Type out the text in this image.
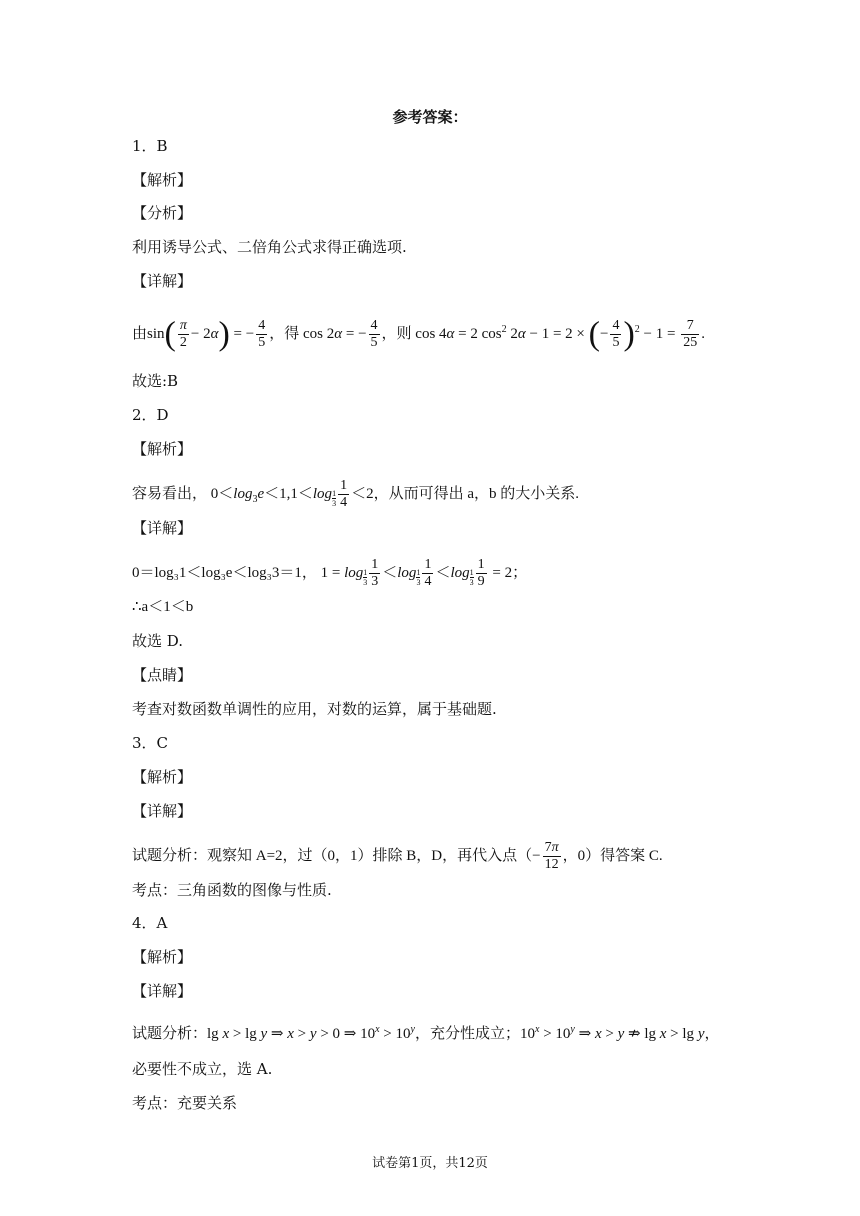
参考答案：
1．B
【解析】
【分析】
利用诱导公式、二倍角公式求得正确选项.
【详解】
由$\sin( \frac{\pi}{2} - 2\alpha)$ = − $\frac{4}{5}$ ，得 cos 2α = − $\frac{4}{5}$ ，则 cos 4α = 2 $\cos^2 2\alpha - 1 = 2$ × (− $\frac{4}{5} )^2 - 1 = \frac{7}{25}$ .
故选:B
2．D
【解析】
容易看出， $0<\log_3e<1,1<\log \frac{1}{3} \frac{1}{4} <2$，从而可得出 a，b 的大小关系.
【详解】
0＝log₃1＜log₃e＜log₃3＝1， $1 = \log \frac{1}{3} \frac{1}{3} <\log \frac{1}{3} \frac{1}{4} <\log \frac{1}{3} \frac{1}{9} = 2$；
∴a＜1＜b
故选 D.
【点睛】
考查对数函数单调性的应用，对数的运算，属于基础题.
3．C
【解析】
【详解】
试题分析：观察知 A=2，过（0，1）排除 B，D，再代入点（− $\frac{7\pi}{12}$ ，0）得答案 C.
考点：三角函数的图像与性质.
4．A
【解析】
【详解】
试题分析：lg x > lg y ⇒ x > y > 0 ⇒ $10^x > 10^y$，充分性成立；$10^x > 10^y$ ⇒ x > y ⇏ lg x > lg y，
必要性不成立，选 A.
考点：充要关系
试卷第1页，共12页
